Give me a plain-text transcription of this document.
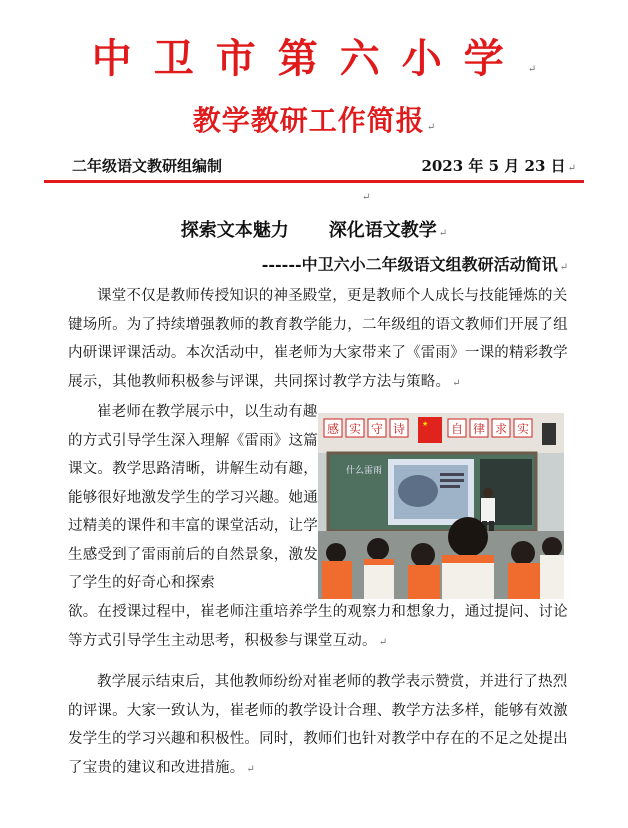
中卫市第六小学 ↵
教学教研工作简报 ↵
二年级语文教研组编制	2023 年 5 月 23 日 ↵
↵
探索文本魅力 深化语文教学 ↵
------中卫六小二年级语文组教研活动简讯 ↵

课堂不仅是教师传授知识的神圣殿堂，更是教师个人成长与技能锤炼的关键场所。为了持续增强教师的教育教学能力，二年级组的语文教师们开展了组内研课评课活动。本次活动中，崔老师为大家带来了《雷雨》一课的精彩教学展示，其他教师积极参与评课，共同探讨教学方法与策略。 ↵

崔老师在教学展示中，以生动有趣的方式引导学生深入理解《雷雨》这篇课文。教学思路清晰，讲解生动有趣，能够很好地激发学生的学习兴趣。她通过精美的课件和丰富的课堂活动，让学生感受到了雷雨前后的自然景象，激发了学生的好奇心和探索

感 实 守 诗	自 律 求 实
★
什么雷雨

欲。在授课过程中，崔老师注重培养学生的观察力和想象力，通过提问、讨论等方式引导学生主动思考，积极参与课堂互动。 ↵

教学展示结束后，其他教师纷纷对崔老师的教学表示赞赏，并进行了热烈的评课。大家一致认为，崔老师的教学设计合理、教学方法多样，能够有效激发学生的学习兴趣和积极性。同时，教师们也针对教学中存在的不足之处提出了宝贵的建议和改进措施。 ↵
